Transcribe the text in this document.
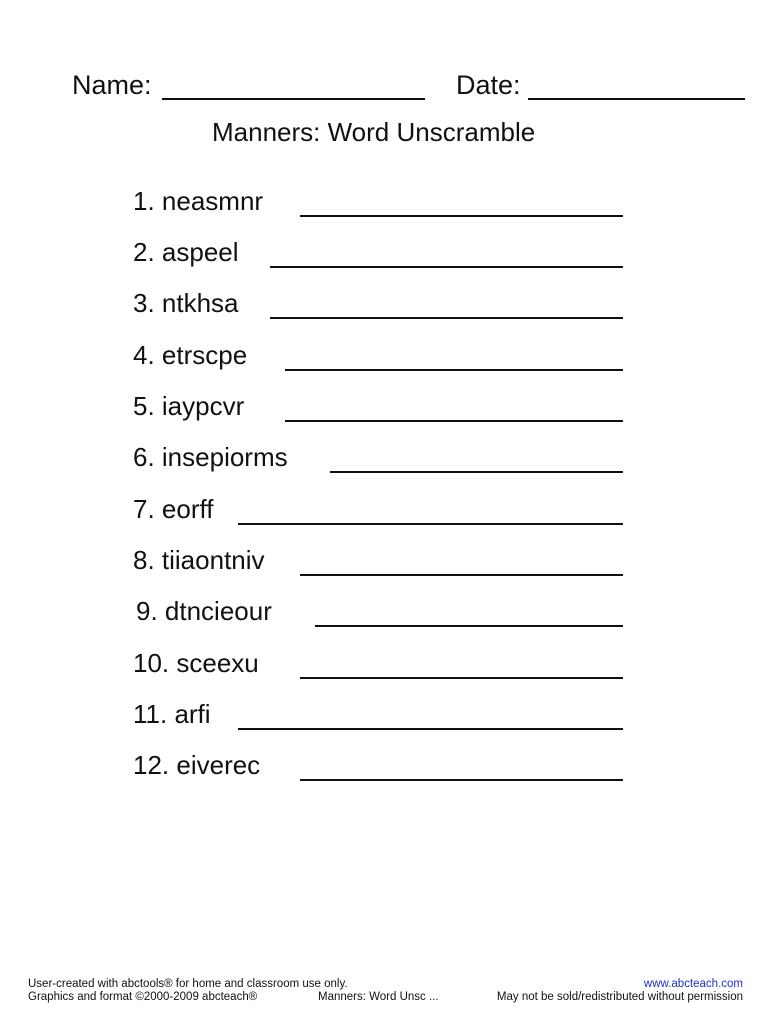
Name:	Date:
Manners: Word Unscramble
1. neasmnr
2. aspeel
3. ntkhsa
4. etrscpe
5. iaypcvr
6. insepiorms
7. eorff
8. tiiaontniv
9. dtncieour
10. sceexu
11. arfi
12. eiverec
User-created with abctools® for home and classroom use only.
Graphics and format ©2000-2009 abcteach®	Manners: Word Unsc ...
www.abcteach.com
May not be sold/redistributed without permission
